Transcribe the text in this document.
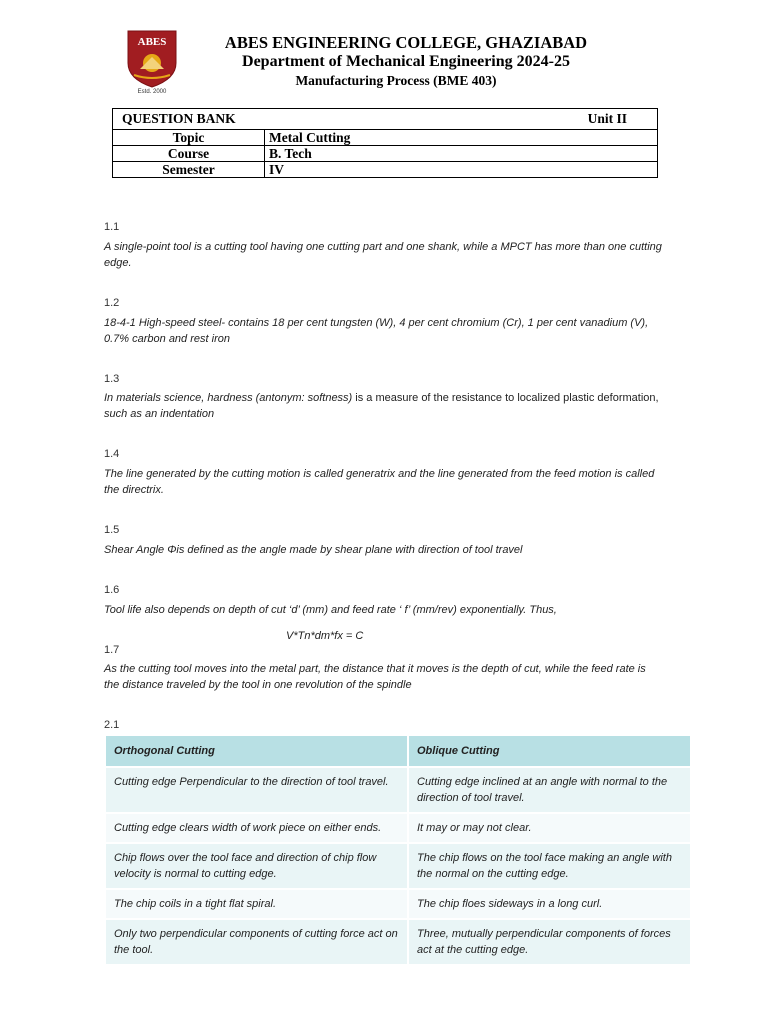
ABES
Estd. 2000
ABES ENGINEERING COLLEGE, GHAZIABAD
Department of Mechanical Engineering 2024-25
Manufacturing Process (BME 403)
QUESTION BANK Unit II	

Topic	Metal Cutting
Course	B. Tech
Semester	IV
1.1
A single-point tool is a cutting tool having one cutting part and one shank, while a MPCT has more than one cutting edge.
1.2
18-4-1 High-speed steel- contains 18 per cent tungsten (W), 4 per cent chromium (Cr), 1 per cent vanadium (V), 0.7% carbon and rest iron
1.3
In materials science, hardness (antonym: softness) is a measure of the resistance to localized plastic deformation, such as an indentation
1.4
The line generated by the cutting motion is called generatrix and the line generated from the feed motion is called the directrix.
1.5
Shear Angle Φis defined as the angle made by shear plane with direction of tool travel
1.6
Tool life also depends on depth of cut ‘d’ (mm) and feed rate ‘ f’ (mm/rev) exponentially. Thus,
V*Tn*dm*fx = C
1.7
As the cutting tool moves into the metal part, the distance that it moves is the depth of cut, while the feed rate is the distance traveled by the tool in one revolution of the spindle
2.1
Orthogonal Cutting	Oblique Cutting
Cutting edge Perpendicular to the direction of tool travel.	Cutting edge inclined at an angle with normal to the direction of tool travel.
Cutting edge clears width of work piece on either ends.	It may or may not clear.
Chip flows over the tool face and direction of chip flow velocity is normal to cutting edge.	The chip flows on the tool face making an angle with the normal on the cutting edge.
The chip coils in a tight flat spiral.	The chip floes sideways in a long curl.
Only two perpendicular components of cutting force act on the tool.	Three, mutually perpendicular components of forces act at the cutting edge.
